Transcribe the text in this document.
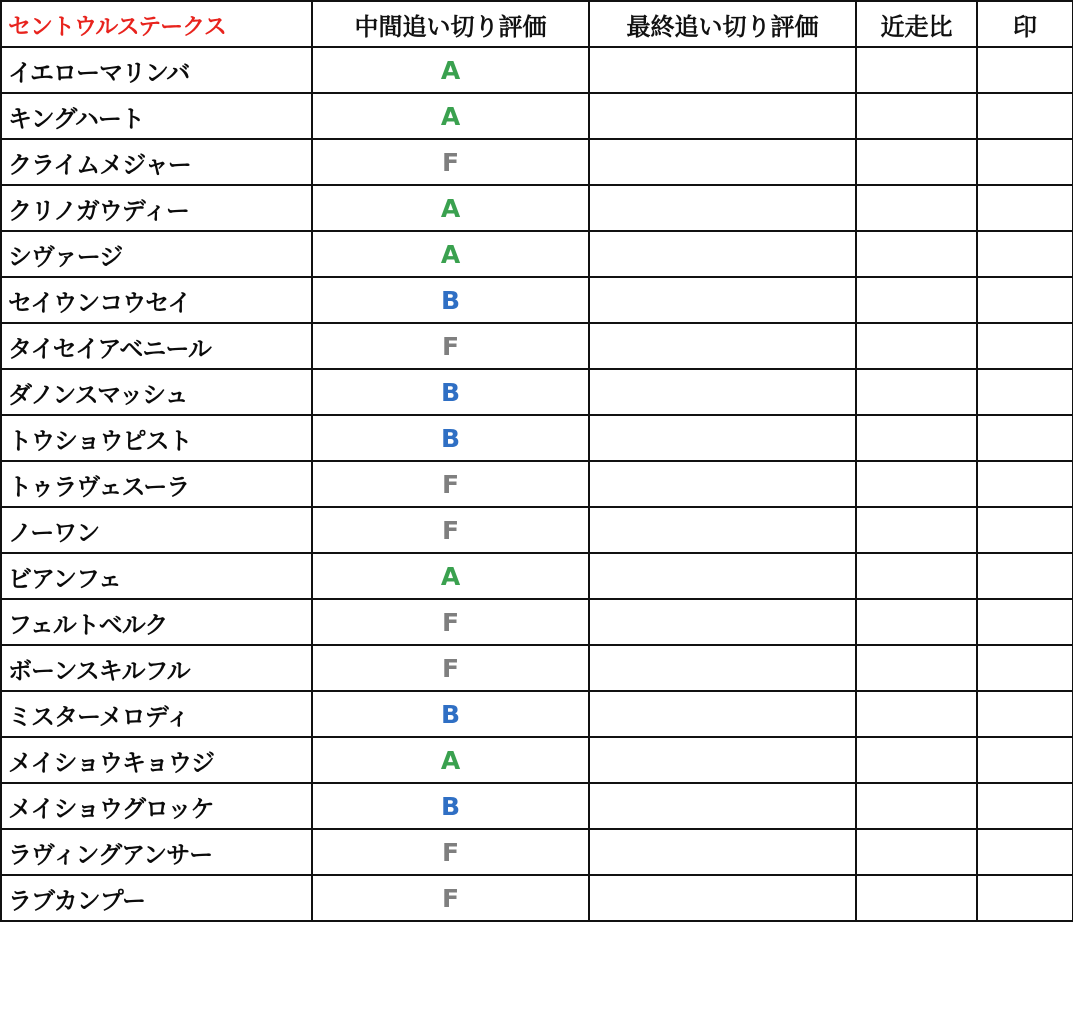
セントウルステークス	中間追い切り評価	最終追い切り評価	近走比	印
イエローマリンバ	A			
キングハート	A			
クライムメジャー	F			
クリノガウディー	A			
シヴァージ	A			
セイウンコウセイ	B			
タイセイアベニール	F			
ダノンスマッシュ	B			
トウショウピスト	B			
トゥラヴェスーラ	F			
ノーワン	F			
ビアンフェ	A			
フェルトベルク	F			
ボーンスキルフル	F			
ミスターメロディ	B			
メイショウキョウジ	A			
メイショウグロッケ	B			
ラヴィングアンサー	F			
ラブカンプー	F			
